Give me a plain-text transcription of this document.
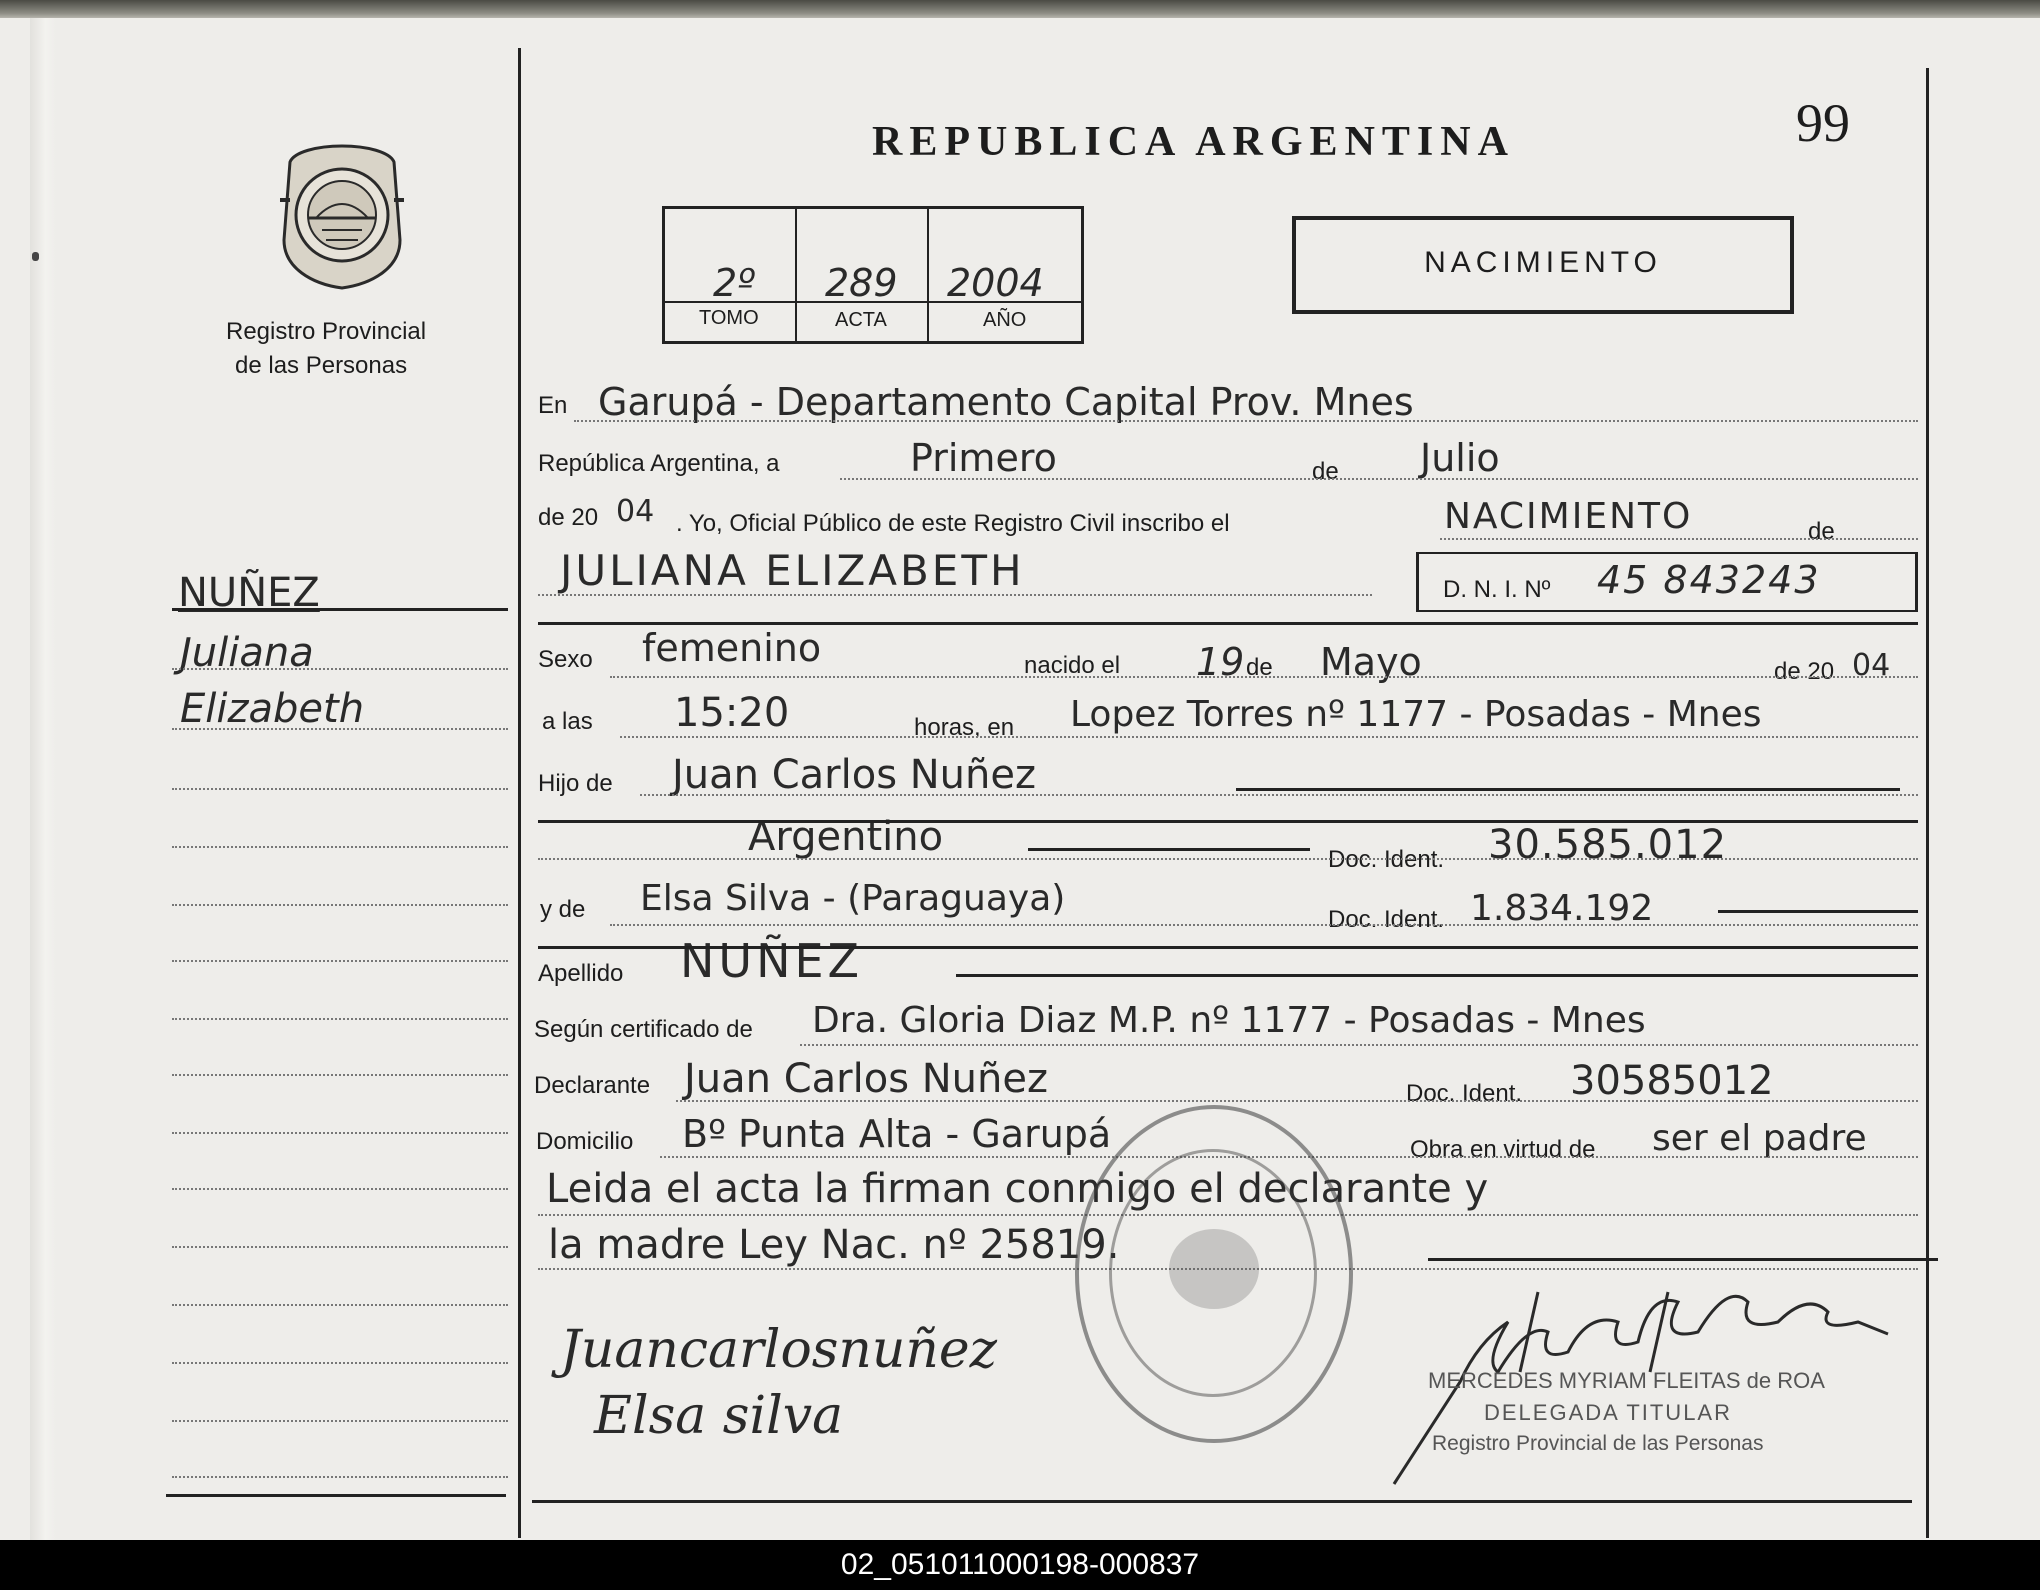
Registro Provincial
de las Personas
REPUBLICA ARGENTINA	99
2º 289 2004
TOMO	ACTA	AÑO
NACIMIENTO
NUÑEZ
Juliana
Elizabeth
En Garupá - Departamento Capital Prov. Mnes
República Argentina, a	Primero	de Julio
de 20 04 . Yo, Oficial Público de este Registro Civil inscribo el	NACIMIENTO	de
JULIANA ELIZABETH	D. N. I. Nº 45 843243
Sexo femenino	nacido el 19 de Mayo	de 20 04
a las 15:20	horas, en Lopez Torres nº 1177 - Posadas - Mnes
Hijo de Juan Carlos Nuñez
Argentino	Doc. Ident. 30.585.012
y de Elsa Silva - (Paraguaya)
Doc. Ident. 1.834.192
Apellido NUÑEZ
Según certificado de Dra. Gloria Diaz M.P. nº 1177 - Posadas - Mnes
Declarante Juan Carlos Nuñez	Doc. Ident. 30585012
Domicilio Bº Punta Alta - Garupá	Obra en virtud de ser el padre
Leida el acta la firman conmigo el declarante y
la madre Ley Nac. nº 25819.
Juancarlosnuñez
Elsa silva
MERCEDES MYRIAM FLEITAS de ROA
DELEGADA TITULAR
Registro Provincial de las Personas
02_051011000198-000837
